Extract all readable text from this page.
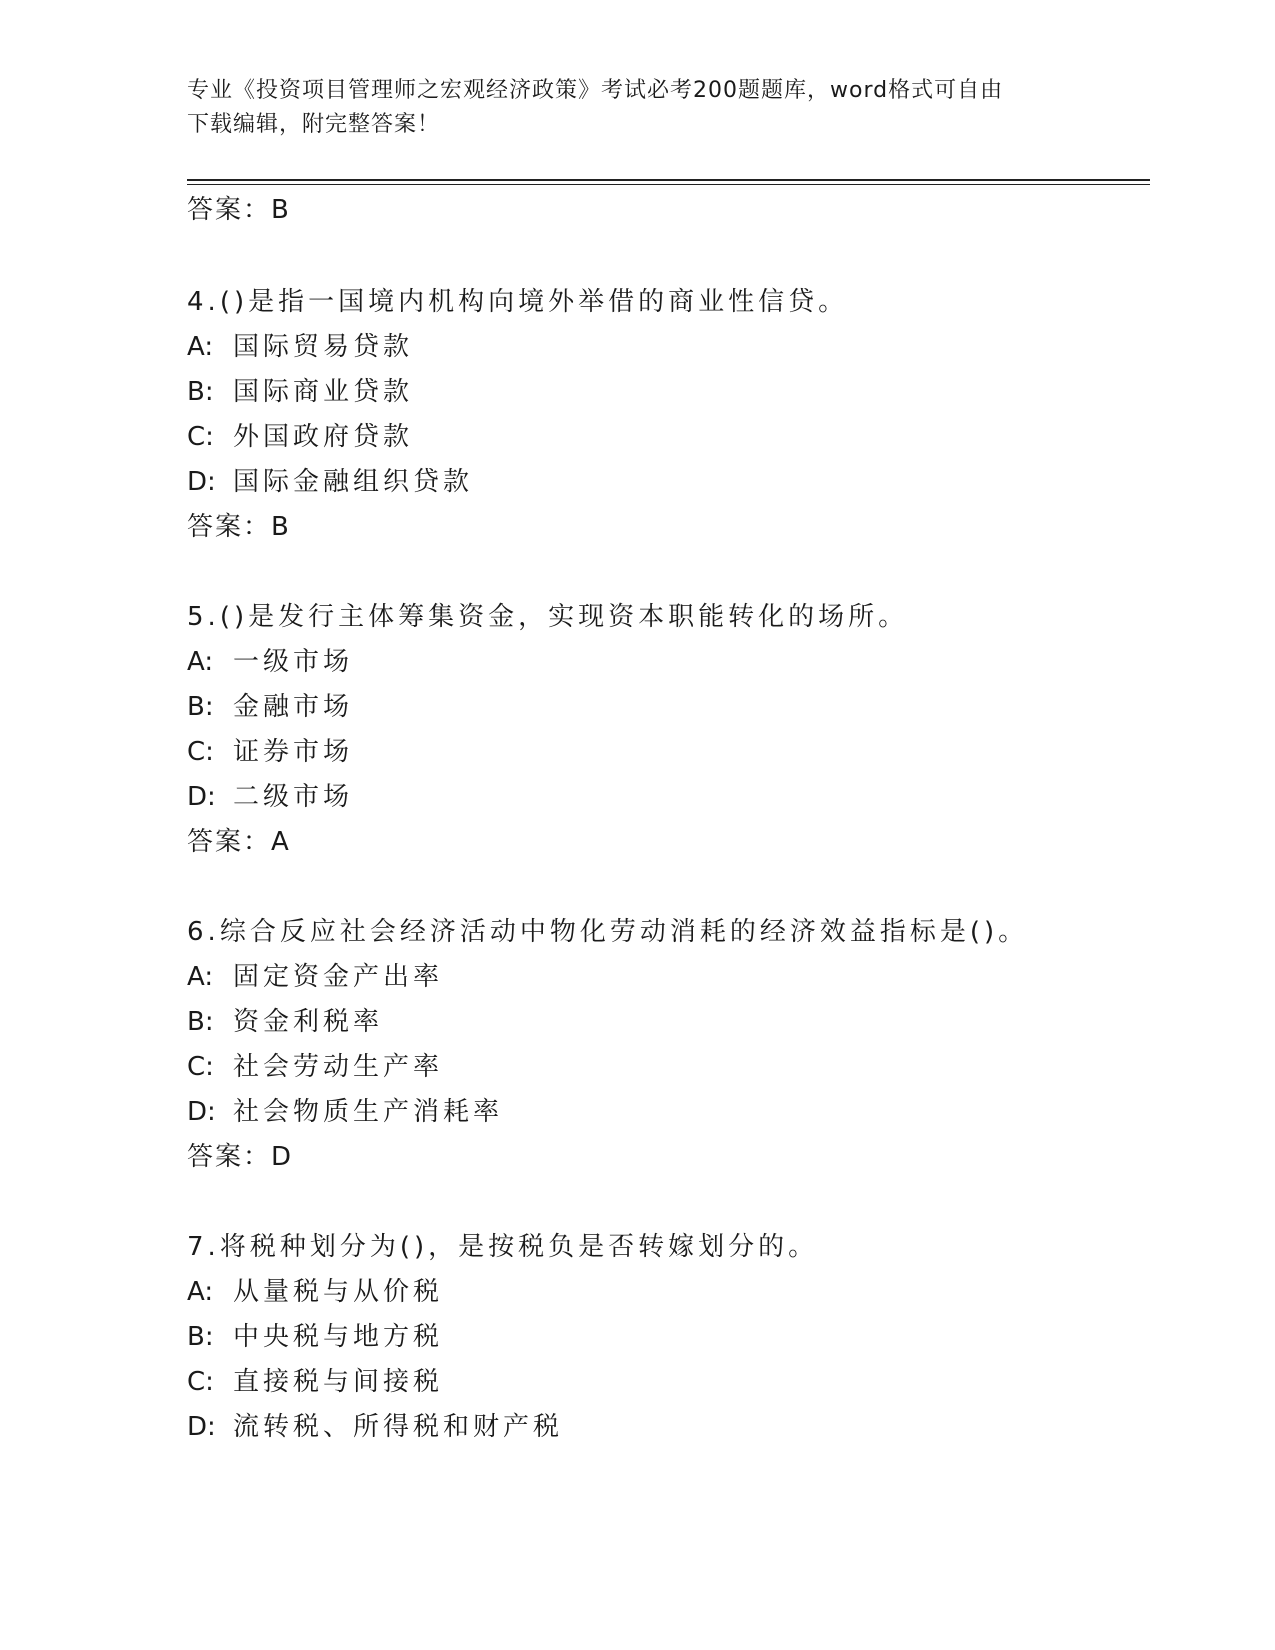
专业《投资项目管理师之宏观经济政策》考试必考200题题库，word格式可自由
下载编辑，附完整答案！
答案：B
4.()是指一国境内机构向境外举借的商业性信贷。
A: 国际贸易贷款
B: 国际商业贷款
C: 外国政府贷款
D: 国际金融组织贷款
答案：B
5.()是发行主体筹集资金，实现资本职能转化的场所。
A: 一级市场
B: 金融市场
C: 证券市场
D: 二级市场
答案：A
6.综合反应社会经济活动中物化劳动消耗的经济效益指标是()。
A: 固定资金产出率
B: 资金利税率
C: 社会劳动生产率
D: 社会物质生产消耗率
答案：D
7.将税种划分为()，是按税负是否转嫁划分的。
A: 从量税与从价税
B: 中央税与地方税
C: 直接税与间接税
D: 流转税、所得税和财产税
